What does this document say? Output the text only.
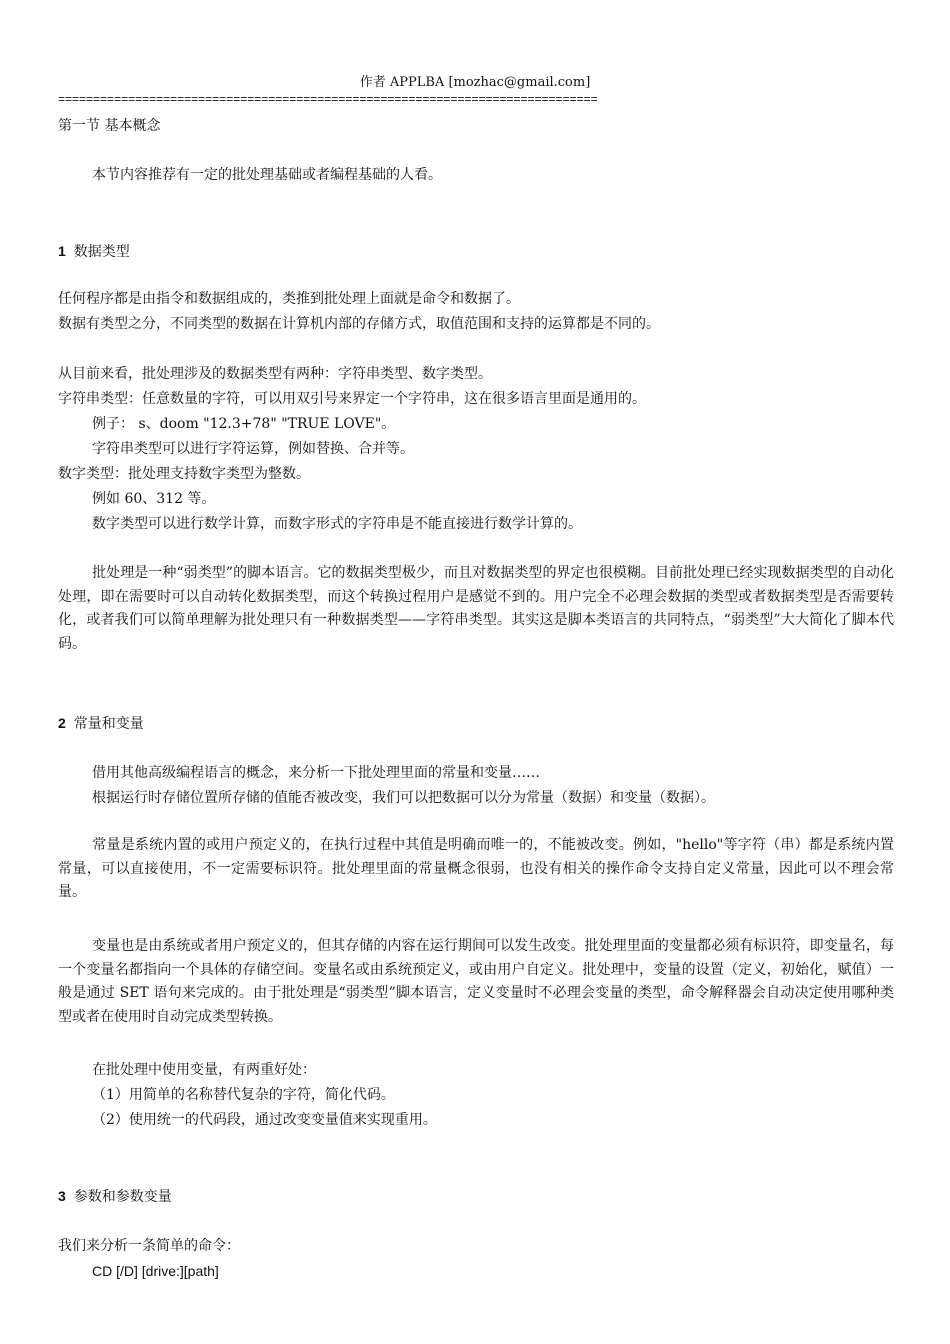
作者 APPLBA [mozhac@gmail.com]
=============================================================================
第一节 基本概念
本节内容推荐有一定的批处理基础或者编程基础的人看。
1 数据类型
任何程序都是由指令和数据组成的，类推到批处理上面就是命令和数据了。
数据有类型之分，不同类型的数据在计算机内部的存储方式，取值范围和支持的运算都是不同的。
从目前来看，批处理涉及的数据类型有两种：字符串类型、数字类型。
字符串类型：任意数量的字符，可以用双引号来界定一个字符串，这在很多语言里面是通用的。
例子： s、doom "12.3+78" "TRUE LOVE"。
字符串类型可以进行字符运算，例如替换、合并等。
数字类型：批处理支持数字类型为整数。
例如 60、312 等。
数字类型可以进行数学计算，而数字形式的字符串是不能直接进行数学计算的。
批处理是一种“弱类型”的脚本语言。它的数据类型极少，而且对数据类型的界定也很模糊。目前批处理已经实现数据类型的自动化处理，即在需要时可以自动转化数据类型，而这个转换过程用户是感觉不到的。用户完全不必理会数据的类型或者数据类型是否需要转化，或者我们可以简单理解为批处理只有一种数据类型——字符串类型。其实这是脚本类语言的共同特点，“弱类型”大大简化了脚本代码。
2 常量和变量
借用其他高级编程语言的概念，来分析一下批处理里面的常量和变量……
根据运行时存储位置所存储的值能否被改变，我们可以把数据可以分为常量（数据）和变量（数据）。
常量是系统内置的或用户预定义的，在执行过程中其值是明确而唯一的，不能被改变。例如，"hello"等字符（串）都是系统内置常量，可以直接使用，不一定需要标识符。批处理里面的常量概念很弱，也没有相关的操作命令支持自定义常量，因此可以不理会常量。
变量也是由系统或者用户预定义的，但其存储的内容在运行期间可以发生改变。批处理里面的变量都必须有标识符，即变量名，每一个变量名都指向一个具体的存储空间。变量名或由系统预定义，或由用户自定义。批处理中，变量的设置（定义，初始化，赋值）一般是通过 SET 语句来完成的。由于批处理是“弱类型”脚本语言，定义变量时不必理会变量的类型，命令解释器会自动决定使用哪种类型或者在使用时自动完成类型转换。
在批处理中使用变量，有两重好处：
（1）用简单的名称替代复杂的字符，简化代码。
（2）使用统一的代码段，通过改变变量值来实现重用。
3 参数和参数变量
我们来分析一条简单的命令：
CD [/D] [drive:][path]
